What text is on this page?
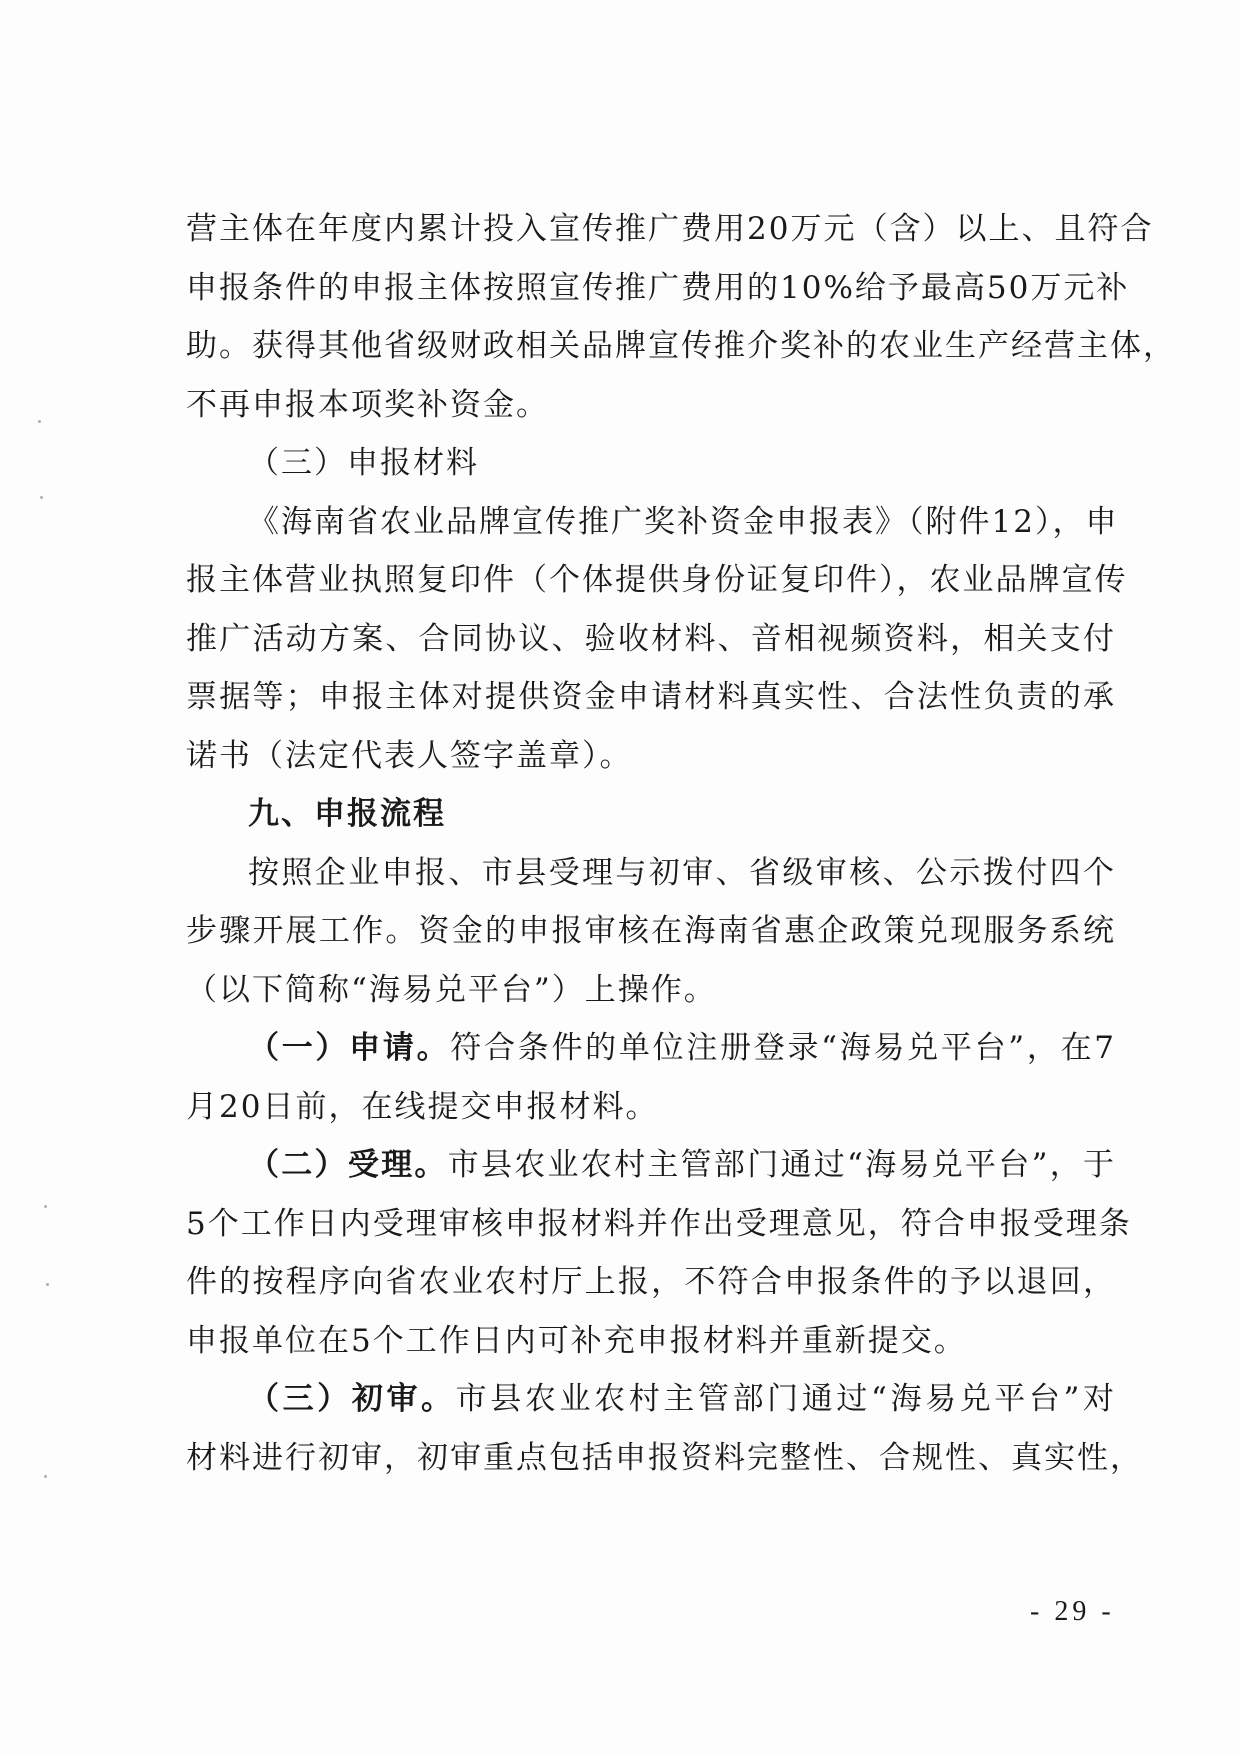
营主体在年度内累计投入宣传推广费用20万元（含）以上、且符合
申报条件的申报主体按照宣传推广费用的10%给予最高50万元补
助。获得其他省级财政相关品牌宣传推介奖补的农业生产经营主体，
不再申报本项奖补资金。
（三）申报材料
《海南省农业品牌宣传推广奖补资金申报表》（附件12），申
报主体营业执照复印件（个体提供身份证复印件），农业品牌宣传
推广活动方案、合同协议、验收材料、音相视频资料，相关支付
票据等；申报主体对提供资金申请材料真实性、合法性负责的承
诺书（法定代表人签字盖章）。
九、申报流程
按照企业申报、市县受理与初审、省级审核、公示拨付四个
步骤开展工作。资金的申报审核在海南省惠企政策兑现服务系统
（以下简称“海易兑平台”）上操作。
（一）申请。符合条件的单位注册登录“海易兑平台”，在7
月20日前，在线提交申报材料。
（二）受理。市县农业农村主管部门通过“海易兑平台”，于
5个工作日内受理审核申报材料并作出受理意见，符合申报受理条
件的按程序向省农业农村厅上报，不符合申报条件的予以退回，
申报单位在5个工作日内可补充申报材料并重新提交。
（三）初审。市县农业农村主管部门通过“海易兑平台”对
材料进行初审，初审重点包括申报资料完整性、合规性、真实性，
- 29 -
